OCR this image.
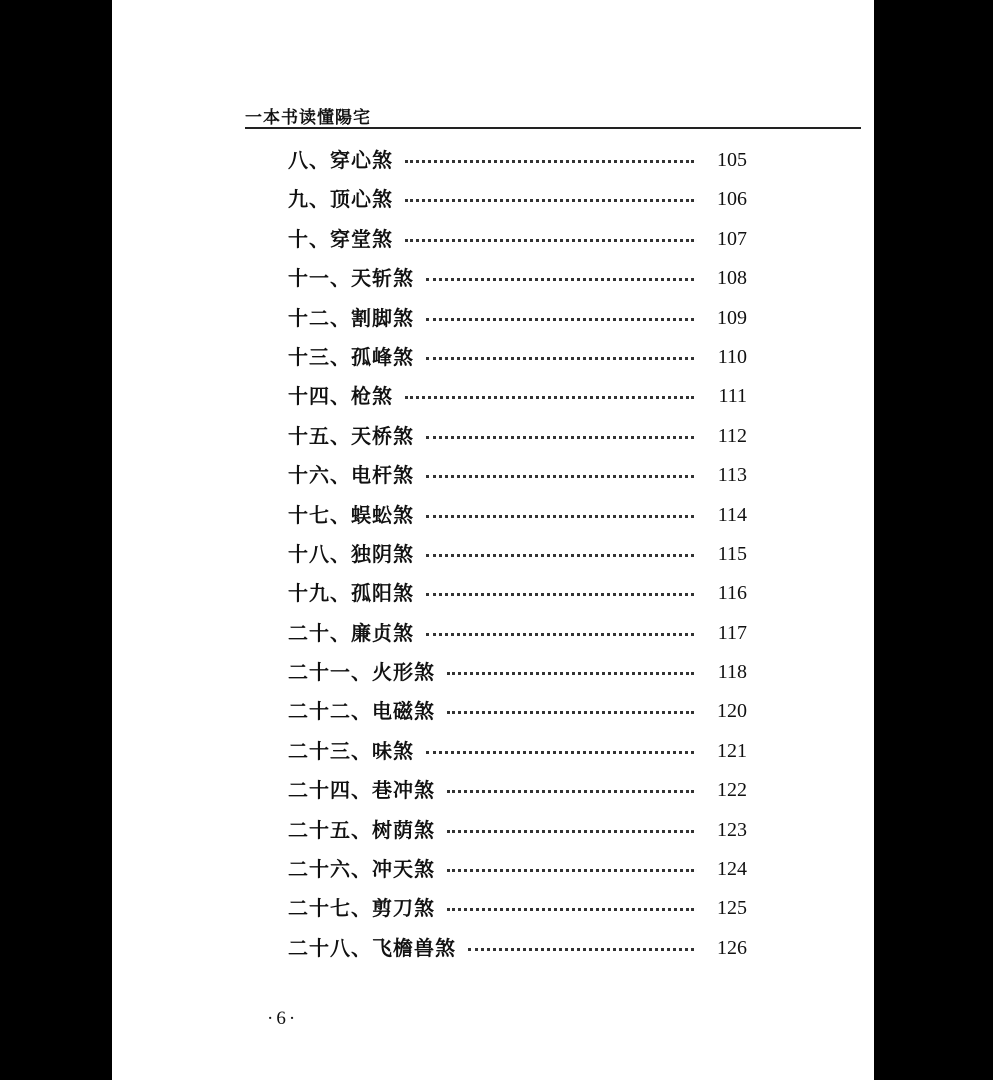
一本书读懂陽宅
八、穿心煞	105
九、顶心煞	106
十、穿堂煞	107
十一、天斩煞	108
十二、割脚煞	109
十三、孤峰煞	110
十四、枪煞	111
十五、天桥煞	112
十六、电杆煞	113
十七、蜈蚣煞	114
十八、独阴煞	115
十九、孤阳煞	116
二十、廉贞煞	117
二十一、火形煞	118
二十二、电磁煞	120
二十三、味煞	121
二十四、巷冲煞	122
二十五、树荫煞	123
二十六、冲天煞	124
二十七、剪刀煞	125
二十八、飞檐兽煞	126
·6·
